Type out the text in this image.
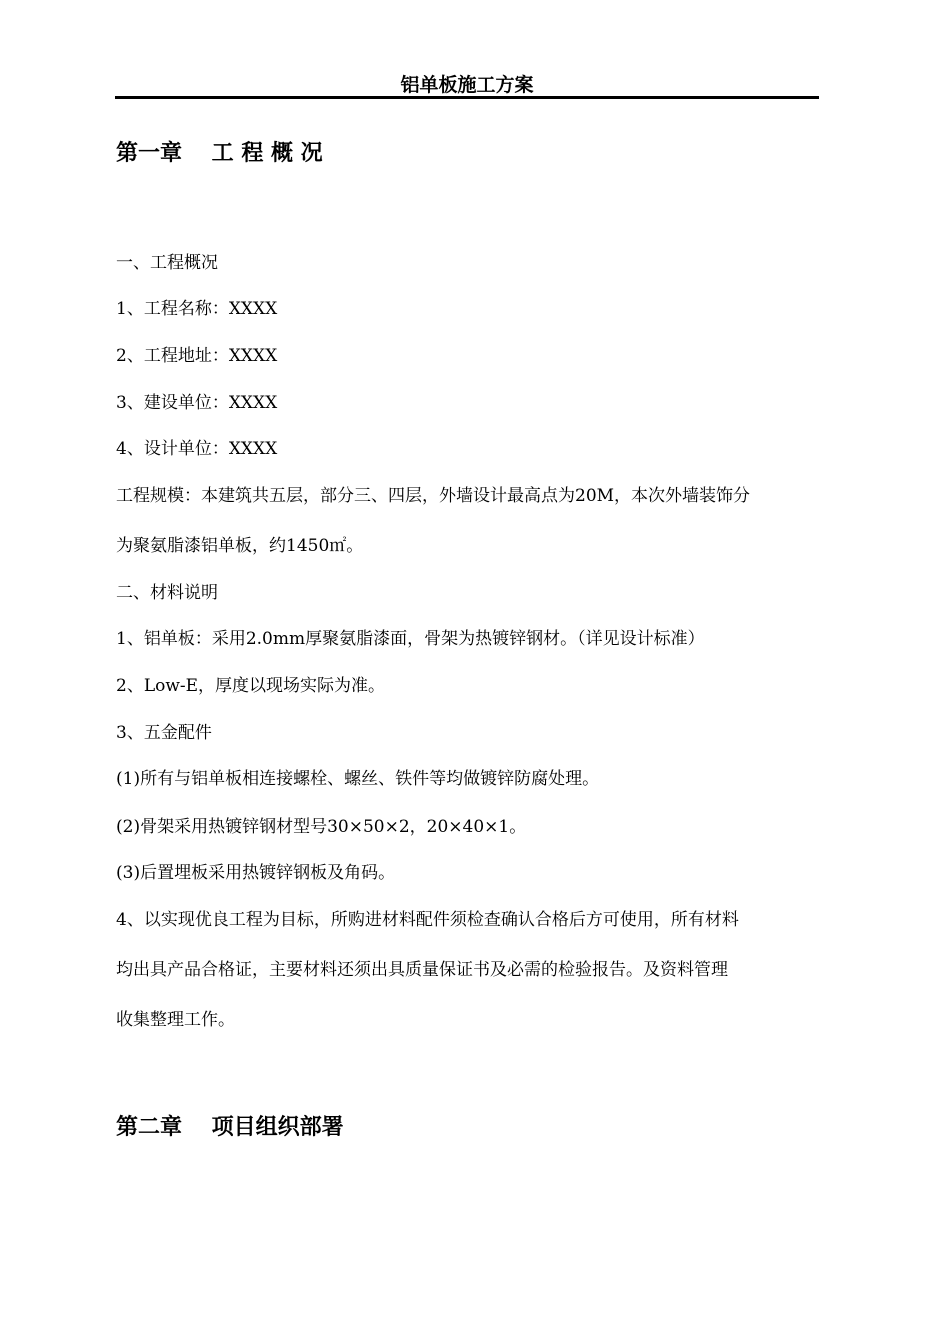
铝单板施工方案
第一章　 工 程 概 况
一、工程概况
1、工程名称：XXXX
2、工程地址：XXXX
3、建设单位：XXXX
4、设计单位：XXXX
工程规模：本建筑共五层，部分三、四层，外墙设计最高点为20M，本次外墙装饰分
为聚氨脂漆铝单板，约1450㎡。
二、材料说明
1、铝单板：采用2.0mm厚聚氨脂漆面，骨架为热镀锌钢材。（详见设计标准）
2、Low-E，厚度以现场实际为准。
3、五金配件
(1)所有与铝单板相连接螺栓、螺丝、铁件等均做镀锌防腐处理。
(2)骨架采用热镀锌钢材型号30×50×2，20×40×1。
(3)后置埋板采用热镀锌钢板及角码。
4、以实现优良工程为目标，所购进材料配件须检查确认合格后方可使用，所有材料
均出具产品合格证，主要材料还须出具质量保证书及必需的检验报告。及资料管理
收集整理工作。
第二章　 项目组织部署
